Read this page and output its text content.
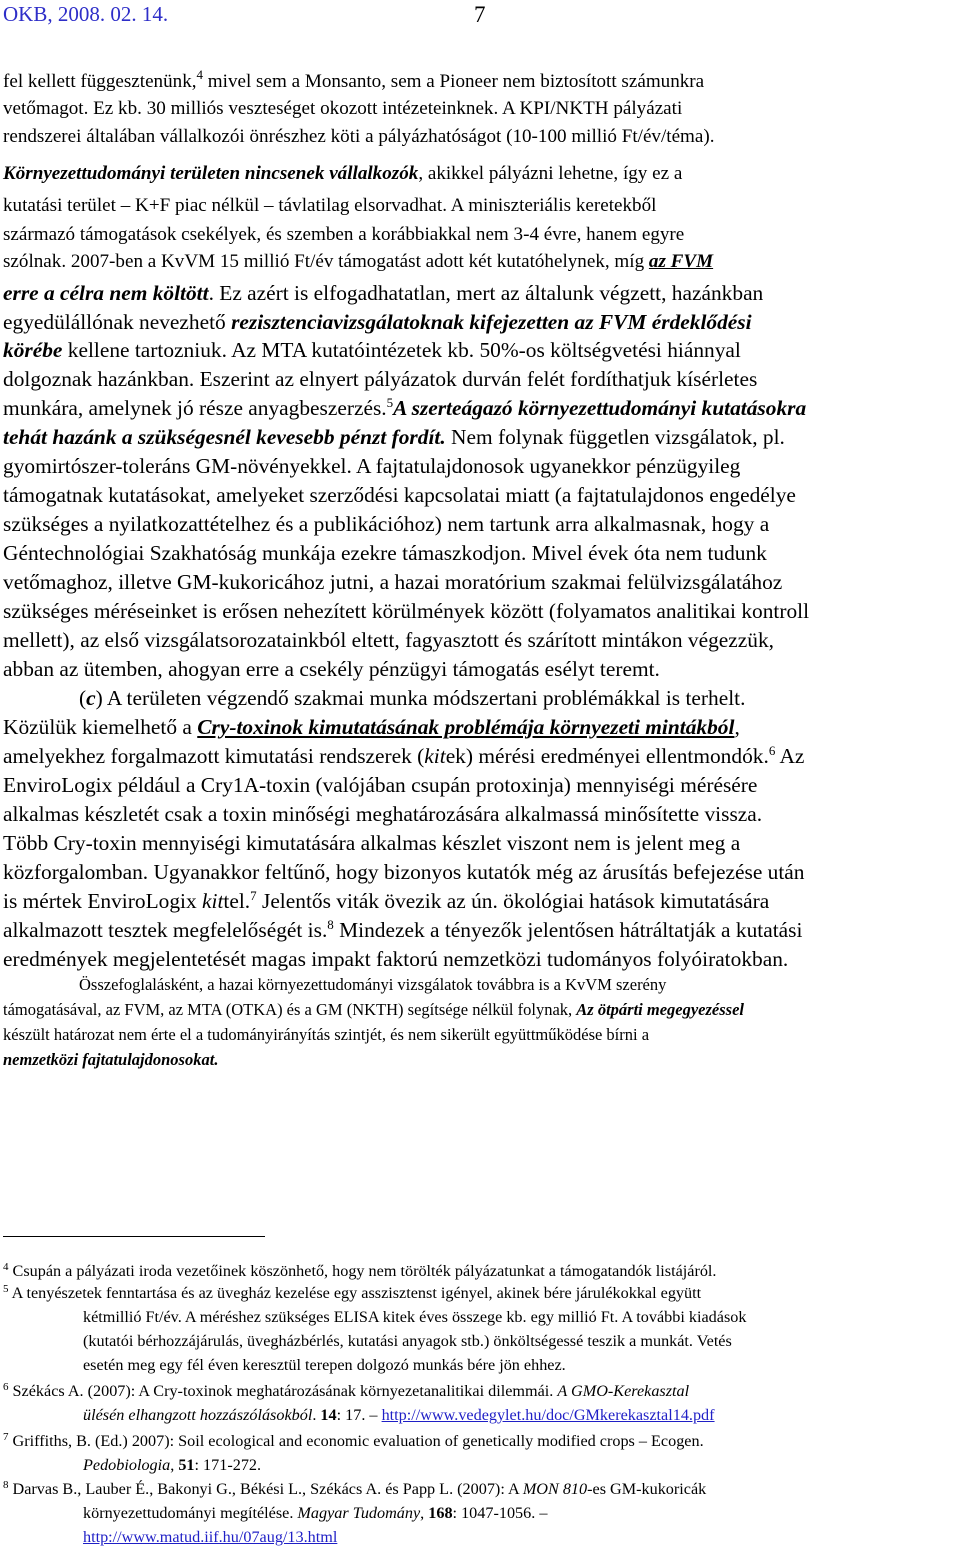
OKB, 2008. 02. 14.	7
fel kellett függesztenünk,$^4$ mivel sem a Monsanto, sem a Pioneer nem biztosított számunkra
vetőmagot. Ez kb. 30 milliós veszteséget okozott intézeteinknek. A KPI/NKTH pályázati
rendszerei általában vállalkozói önrészhez köti a pályázhatóságot (10-100 millió Ft/év/téma).
Környezettudományi területen nincsenek vállalkozók, akikkel pályázni lehetne, így ez a
kutatási terület – K+F piac nélkül – távlatilag elsorvadhat. A miniszteriális keretekből
származó támogatások csekélyek, és szemben a korábbiakkal nem 3-4 évre, hanem egyre
szólnak. 2007-ben a KvVM 15 millió Ft/év támogatást adott két kutatóhelynek, míg az FVM
erre a célra nem költött. Ez azért is elfogadhatatlan, mert az általunk végzett, hazánkban
egyedülállónak nevezhető rezisztenciavizsgálatoknak kifejezetten az FVM érdeklődési
körébe kellene tartozniuk. Az MTA kutatóintézetek kb. 50%-os költségvetési hiánnyal
dolgoznak hazánkban. Eszerint az elnyert pályázatok durván felét fordíthatjuk kísérletes
munkára, amelynek jó része anyagbeszerzés.$^5$A szerteágazó környezettudományi kutatásokra
tehát hazánk a szükségesnél kevesebb pénzt fordít. Nem folynak független vizsgálatok, pl.
gyomirtószer-toleráns GM-növényekkel. A fajtatulajdonosok ugyanekkor pénzügyileg
támogatnak kutatásokat, amelyeket szerződési kapcsolatai miatt (a fajtatulajdonos engedélye
szükséges a nyilatkozattételhez és a publikációhoz) nem tartunk arra alkalmasnak, hogy a
Géntechnológiai Szakhatóság munkája ezekre támaszkodjon. Mivel évek óta nem tudunk
vetőmaghoz, illetve GM-kukoricához jutni, a hazai moratórium szakmai felülvizsgálatához
szükséges méréseinket is erősen nehezített körülmények között (folyamatos analitikai kontroll
mellett), az első vizsgálatsorozatainkból eltett, fagyasztott és szárított mintákon végezzük,
abban az ütemben, ahogyan erre a csekély pénzügyi támogatás esélyt teremt.
(c) A területen végzendő szakmai munka módszertani problémákkal is terhelt.
Közülük kiemelhető a Cry-toxinok kimutatásának problémája környezeti mintákból,
amelyekhez forgalmazott kimutatási rendszerek (kitek) mérési eredményei ellentmondók.$^6$ Az
EnviroLogix például a Cry1A-toxin (valójában csupán protoxinja) mennyiségi mérésére
alkalmas készletét csak a toxin minőségi meghatározására alkalmassá minősítette vissza.
Több Cry-toxin mennyiségi kimutatására alkalmas készlet viszont nem is jelent meg a
közforgalomban. Ugyanakkor feltűnő, hogy bizonyos kutatók még az árusítás befejezése után
is mértek EnviroLogix kittel.$^7$ Jelentős viták övezik az ún. ökológiai hatások kimutatására
alkalmazott tesztek megfelelőségét is.$^8$ Mindezek a tényezők jelentősen hátráltatják a kutatási
eredmények megjelentetését magas impakt faktorú nemzetközi tudományos folyóiratokban.
Összefoglalásként, a hazai környezettudományi vizsgálatok továbbra is a KvVM szerény
támogatásával, az FVM, az MTA (OTKA) és a GM (NKTH) segítsége nélkül folynak, Az ötpárti megegyezéssel
készült határozat nem érte el a tudományirányítás szintjét, és nem sikerült együttműködése bírni a
nemzetközi fajtatulajdonosokat.
$^4$ Csupán a pályázati iroda vezetőinek köszönhető, hogy nem törölték pályázatunkat a támogatandók listájáról.
$^5$ A tenyészetek fenntartása és az üvegház kezelése egy asszisztenst igényel, akinek bére járulékokkal együtt
kétmillió Ft/év. A méréshez szükséges ELISA kitek éves összege kb. egy millió Ft. A további kiadások
(kutatói bérhozzájárulás, üvegházbérlés, kutatási anyagok stb.) önköltségessé teszik a munkát. Vetés
esetén meg egy fél éven keresztül terepen dolgozó munkás bére jön ehhez.
$^6$ Székács A. (2007): A Cry-toxinok meghatározásának környezetanalitikai dilemmái. A GMO-Kerekasztal
ülésén elhangzott hozzászólásokból. 14: 17. – http://www.vedegylet.hu/doc/GMkerekasztal14.pdf
$^7$ Griffiths, B. (Ed.) 2007): Soil ecological and economic evaluation of genetically modified crops – Ecogen.
Pedobiologia, 51: 171-272.
$^8$ Darvas B., Lauber É., Bakonyi G., Békési L., Székács A. és Papp L. (2007): A MON 810-es GM-kukoricák
környezettudományi megítélése. Magyar Tudomány, 168: 1047-1056. –
http://www.matud.iif.hu/07aug/13.html
